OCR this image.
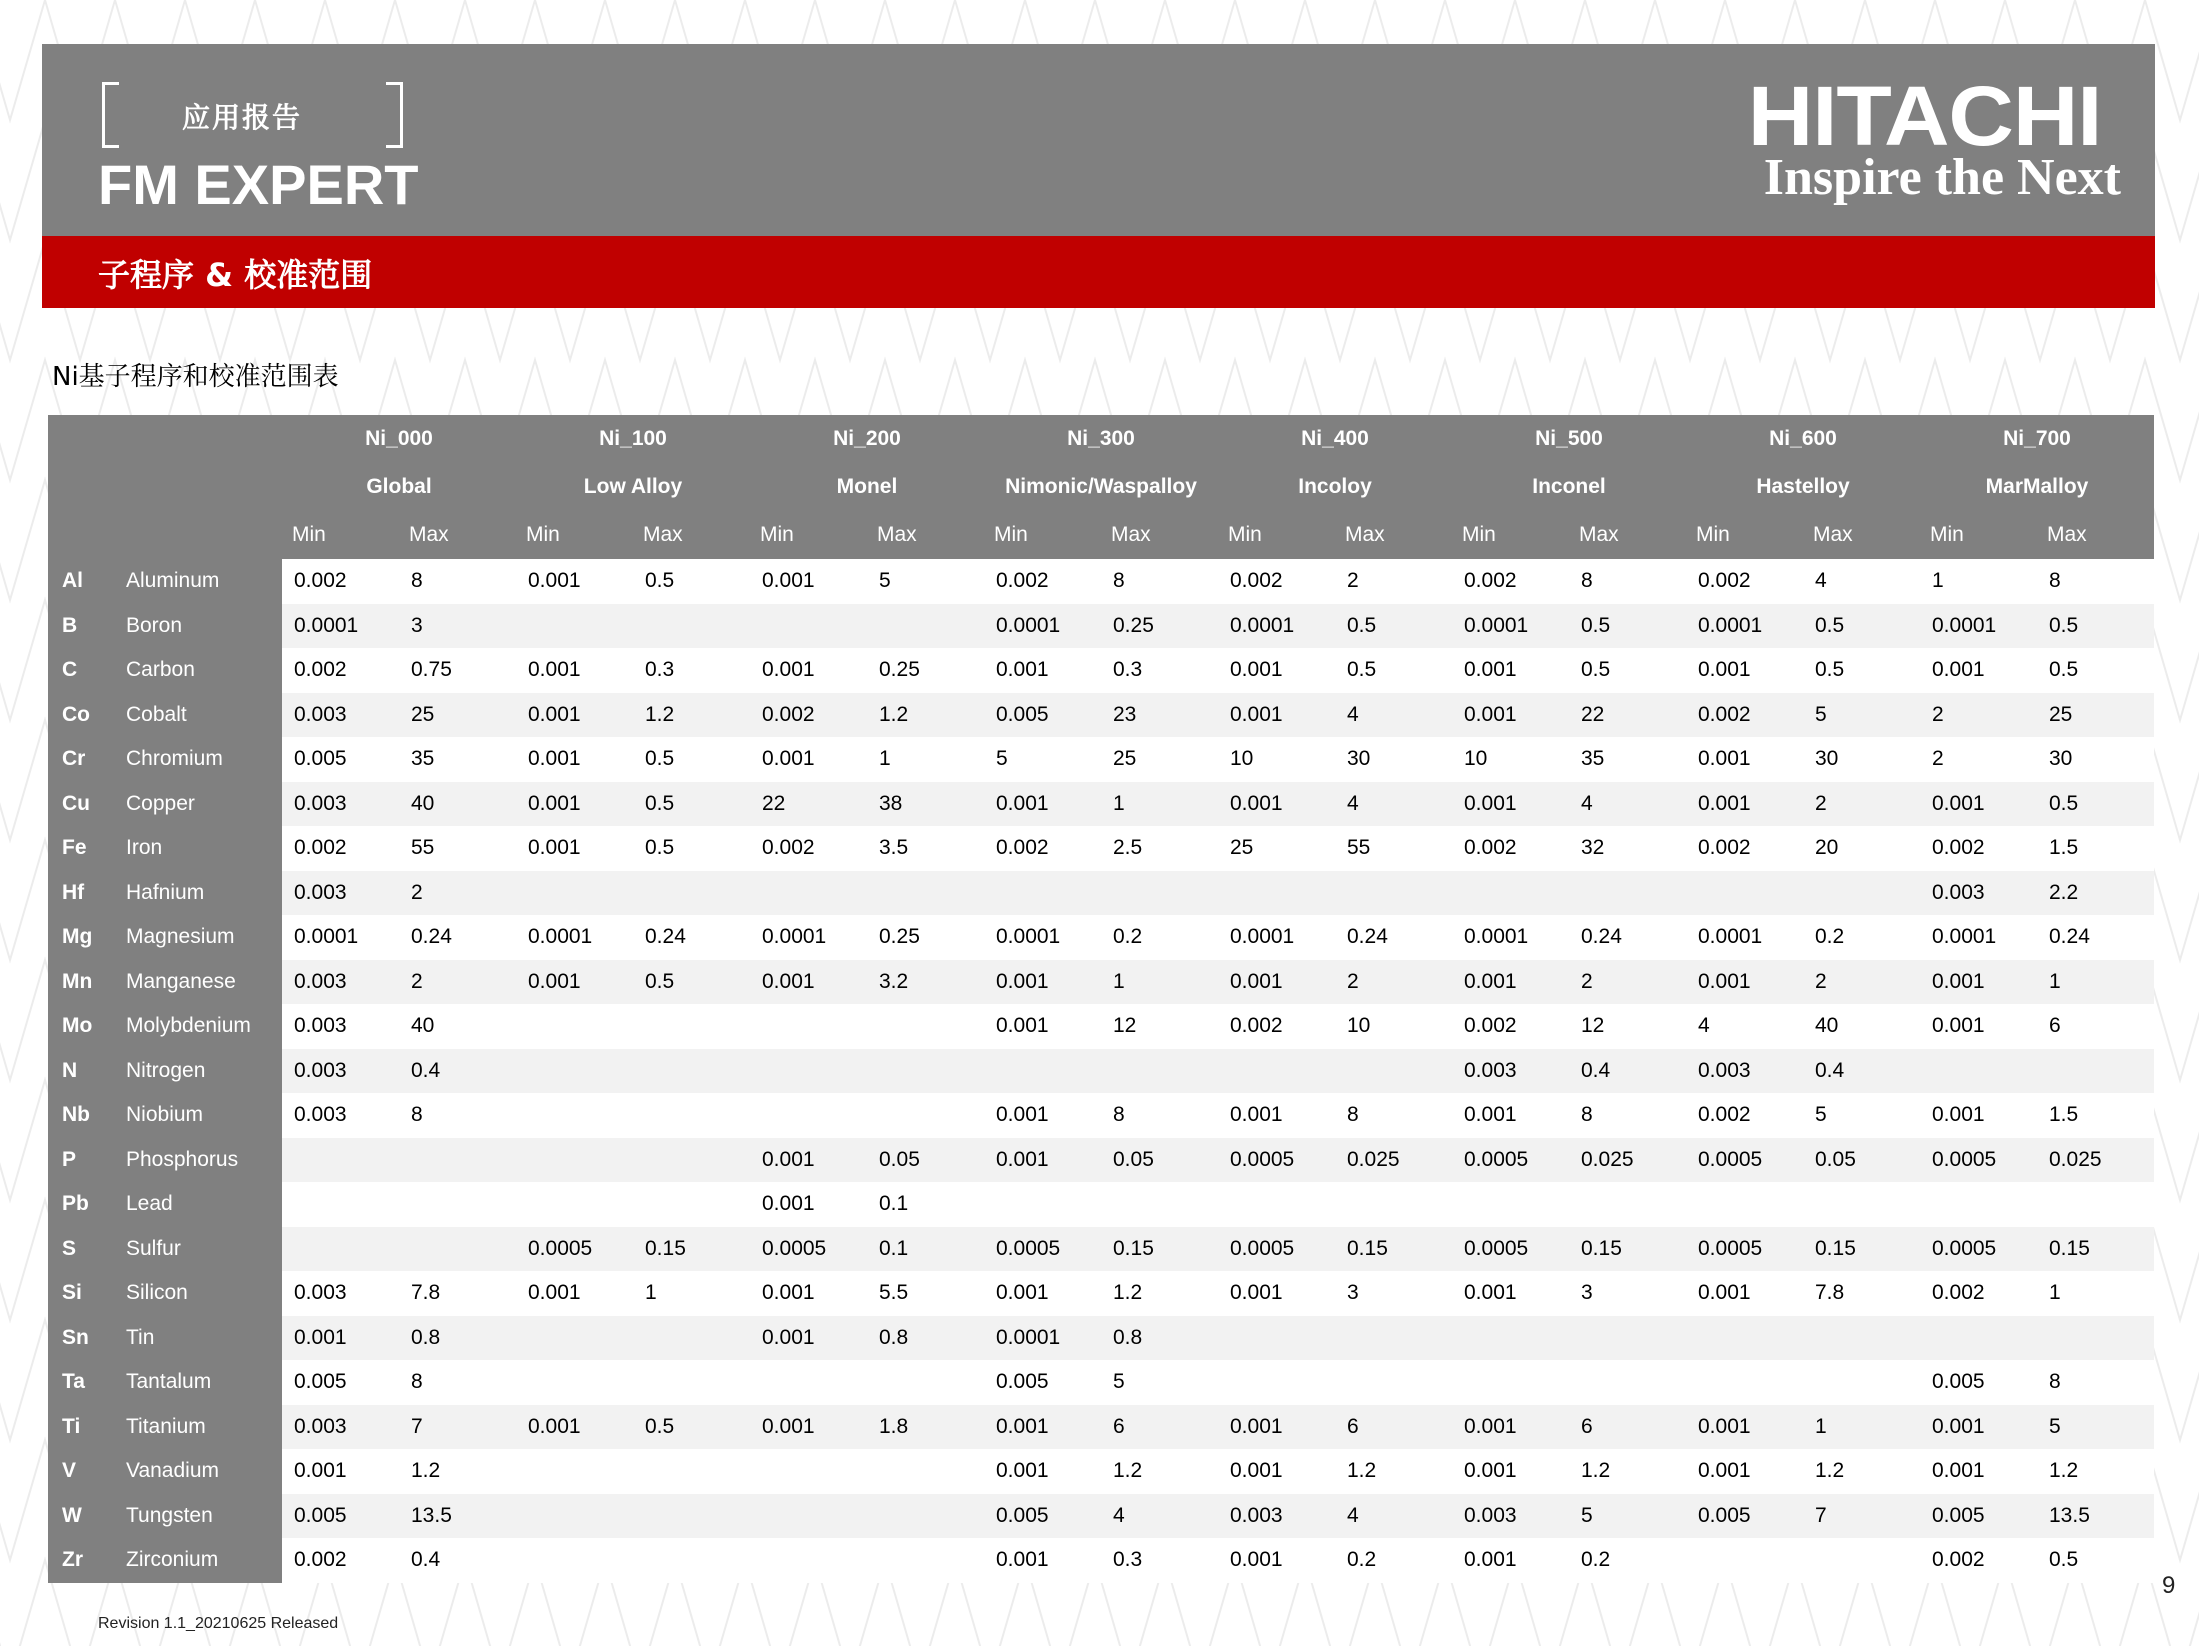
应用报告
FM EXPERT
HITACHI
Inspire the Next
子程序 & 校准范围
Ni基子程序和校准范围表
		Ni_000		Ni_100		Ni_200		Ni_300		Ni_400		Ni_500		Ni_600		Ni_700	
		Global		Low Alloy		Monel		Nimonic/Waspalloy		Incoloy		Inconel		Hastelloy		MarMalloy	
		Min	Max	Min	Max	Min	Max	Min	Max	Min	Max	Min	Max	Min	Max	Min	Max
Al	Aluminum	0.002	8	0.001	0.5	0.001	5	0.002	8	0.002	2	0.002	8	0.002	4	1	8
B	Boron	0.0001	3					0.0001	0.25	0.0001	0.5	0.0001	0.5	0.0001	0.5	0.0001	0.5
C	Carbon	0.002	0.75	0.001	0.3	0.001	0.25	0.001	0.3	0.001	0.5	0.001	0.5	0.001	0.5	0.001	0.5
Co	Cobalt	0.003	25	0.001	1.2	0.002	1.2	0.005	23	0.001	4	0.001	22	0.002	5	2	25
Cr	Chromium	0.005	35	0.001	0.5	0.001	1	5	25	10	30	10	35	0.001	30	2	30
Cu	Copper	0.003	40	0.001	0.5	22	38	0.001	1	0.001	4	0.001	4	0.001	2	0.001	0.5
Fe	Iron	0.002	55	0.001	0.5	0.002	3.5	0.002	2.5	25	55	0.002	32	0.002	20	0.002	1.5
Hf	Hafnium	0.003	2													0.003	2.2
Mg	Magnesium	0.0001	0.24	0.0001	0.24	0.0001	0.25	0.0001	0.2	0.0001	0.24	0.0001	0.24	0.0001	0.2	0.0001	0.24
Mn	Manganese	0.003	2	0.001	0.5	0.001	3.2	0.001	1	0.001	2	0.001	2	0.001	2	0.001	1
Mo	Molybdenium	0.003	40					0.001	12	0.002	10	0.002	12	4	40	0.001	6
N	Nitrogen	0.003	0.4									0.003	0.4	0.003	0.4		
Nb	Niobium	0.003	8					0.001	8	0.001	8	0.001	8	0.002	5	0.001	1.5
P	Phosphorus					0.001	0.05	0.001	0.05	0.0005	0.025	0.0005	0.025	0.0005	0.05	0.0005	0.025
Pb	Lead					0.001	0.1										
S	Sulfur			0.0005	0.15	0.0005	0.1	0.0005	0.15	0.0005	0.15	0.0005	0.15	0.0005	0.15	0.0005	0.15
Si	Silicon	0.003	7.8	0.001	1	0.001	5.5	0.001	1.2	0.001	3	0.001	3	0.001	7.8	0.002	1
Sn	Tin	0.001	0.8			0.001	0.8	0.0001	0.8								
Ta	Tantalum	0.005	8					0.005	5							0.005	8
Ti	Titanium	0.003	7	0.001	0.5	0.001	1.8	0.001	6	0.001	6	0.001	6	0.001	1	0.001	5
V	Vanadium	0.001	1.2					0.001	1.2	0.001	1.2	0.001	1.2	0.001	1.2	0.001	1.2
W	Tungsten	0.005	13.5					0.005	4	0.003	4	0.003	5	0.005	7	0.005	13.5
Zr	Zirconium	0.002	0.4					0.001	0.3	0.001	0.2	0.001	0.2			0.002	0.5
Revision 1.1_20210625 Released
9
